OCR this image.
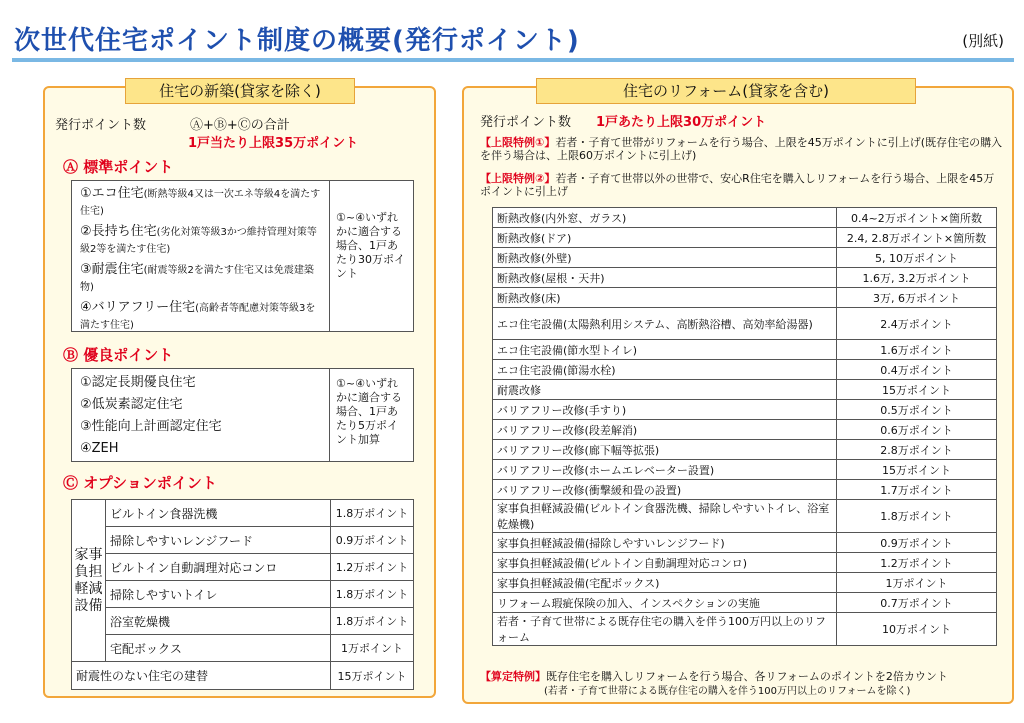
次世代住宅ポイント制度の概要(発行ポイント)	(別紙)
住宅の新築(貸家を除く)
発行ポイント数	Ⓐ+Ⓑ+Ⓒの合計
1戸当たり上限35万ポイント
Ⓐ 標準ポイント
①エコ住宅(断熱等級4又は一次エネ等級4を満たす住宅)
②長持ち住宅(劣化対策等級3かつ維持管理対策等級2等を満たす住宅)
③耐震住宅(耐震等級2を満たす住宅又は免震建築物)
④バリアフリー住宅(高齢者等配慮対策等級3を満たす住宅)
①~④いずれかに適合する場合、1戸あたり30万ポイント
Ⓑ 優良ポイント
①認定長期優良住宅
②低炭素認定住宅
③性能向上計画認定住宅
④ZEH
①~④いずれかに適合する場合、1戸あたり5万ポイント加算
Ⓒ オプションポイント
家事負担軽減設備	ビルトイン食器洗機	1.8万ポイント
	掃除しやすいレンジフード	0.9万ポイント
	ビルトイン自動調理対応コンロ	1.2万ポイント
	掃除しやすいトイレ	1.8万ポイント
	浴室乾燥機	1.8万ポイント
	宅配ボックス	1万ポイント
耐震性のない住宅の建替		15万ポイント
住宅のリフォーム(貸家を含む)
発行ポイント数 1戸あたり上限30万ポイント
【上限特例①】若者・子育て世帯がリフォームを行う場合、上限を45万ポイントに引上げ(既存住宅の購入を伴う場合は、上限60万ポイントに引上げ)
【上限特例②】若者・子育て世帯以外の世帯で、安心R住宅を購入しリフォームを行う場合、上限を45万ポイントに引上げ
断熱改修(内外窓、ガラス)	0.4~2万ポイント×箇所数
断熱改修(ドア)	2.4, 2.8万ポイント×箇所数
断熱改修(外壁)	5, 10万ポイント
断熱改修(屋根・天井)	1.6万, 3.2万ポイント
断熱改修(床)	3万, 6万ポイント
エコ住宅設備(太陽熱利用システム、高断熱浴槽、高効率給湯器)	2.4万ポイント
エコ住宅設備(節水型トイレ)	1.6万ポイント
エコ住宅設備(節湯水栓)	0.4万ポイント
耐震改修	15万ポイント
バリアフリー改修(手すり)	0.5万ポイント
バリアフリー改修(段差解消)	0.6万ポイント
バリアフリー改修(廊下幅等拡張)	2.8万ポイント
バリアフリー改修(ホームエレベーター設置)	15万ポイント
バリアフリー改修(衝撃緩和畳の設置)	1.7万ポイント
家事負担軽減設備(ビルトイン食器洗機、掃除しやすいトイレ、浴室乾燥機)	1.8万ポイント
家事負担軽減設備(掃除しやすいレンジフード)	0.9万ポイント
家事負担軽減設備(ビルトイン自動調理対応コンロ)	1.2万ポイント
家事負担軽減設備(宅配ボックス)	1万ポイント
リフォーム瑕疵保険の加入、インスペクションの実施	0.7万ポイント
若者・子育て世帯による既存住宅の購入を伴う100万円以上のリフォーム	10万ポイント
【算定特例】既存住宅を購入しリフォームを行う場合、各リフォームのポイントを2倍カウント
(若者・子育て世帯による既存住宅の購入を伴う100万円以上のリフォームを除く)
